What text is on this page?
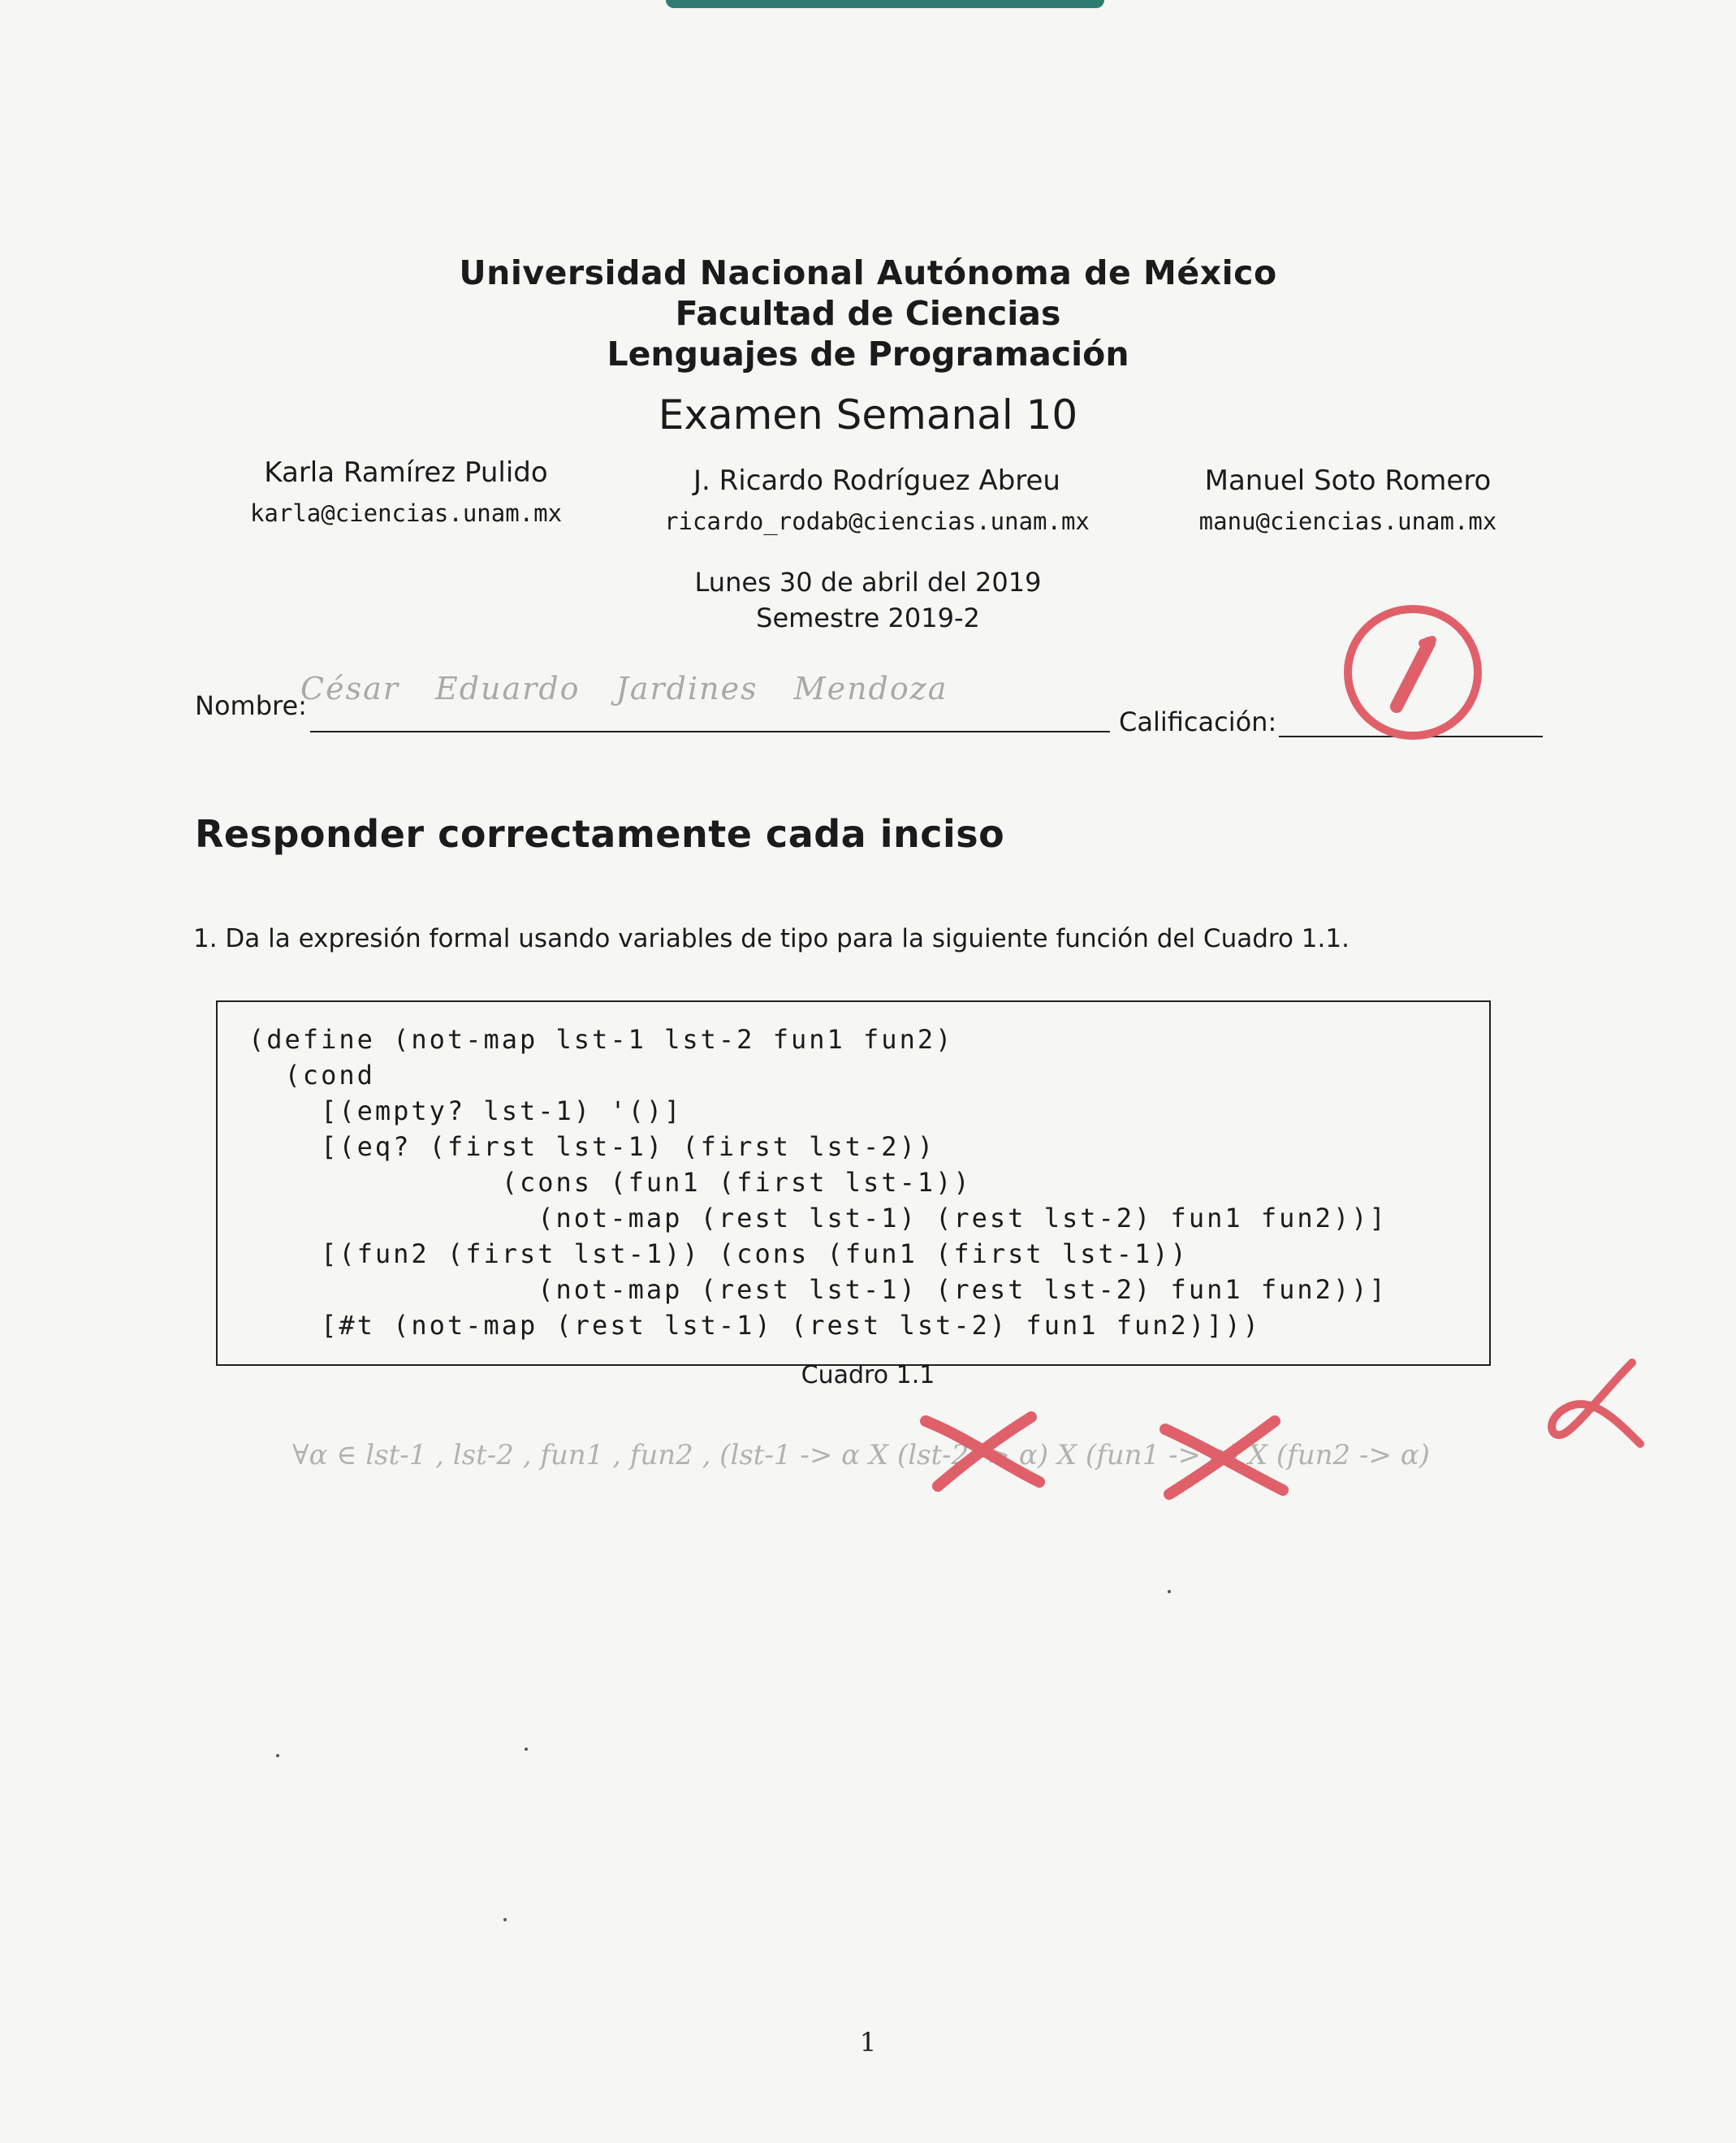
Universidad Nacional Autónoma de México
Facultad de Ciencias
Lenguajes de Programación
Examen Semanal 10
Karla Ramírez Pulido
karla@ciencias.unam.mx
J. Ricardo Rodríguez Abreu
ricardo_rodab@ciencias.unam.mx
Manuel Soto Romero
manu@ciencias.unam.mx
Lunes 30 de abril del 2019
Semestre 2019-2
Nombre:
César Eduardo Jardines Mendoza
Calificación:
Responder correctamente cada inciso
1. Da la expresión formal usando variables de tipo para la siguiente función del Cuadro 1.1.
(define (not-map lst-1 lst-2 fun1 fun2)
(cond
[(empty? lst-1) '()]
[(eq? (first lst-1) (first lst-2))
(cons (fun1 (first lst-1))
(not-map (rest lst-1) (rest lst-2) fun1 fun2))]
[(fun2 (first lst-1)) (cons (fun1 (first lst-1))
(not-map (rest lst-1) (rest lst-2) fun1 fun2))]
[#t (not-map (rest lst-1) (rest lst-2) fun1 fun2)]))
Cuadro 1.1
∀α ∈ lst-1 , lst-2 , fun1 , fun2 , (lst-1 -> α X (lst-2 -> α) X (fun1 -> α) X (fun2 -> α)
1
